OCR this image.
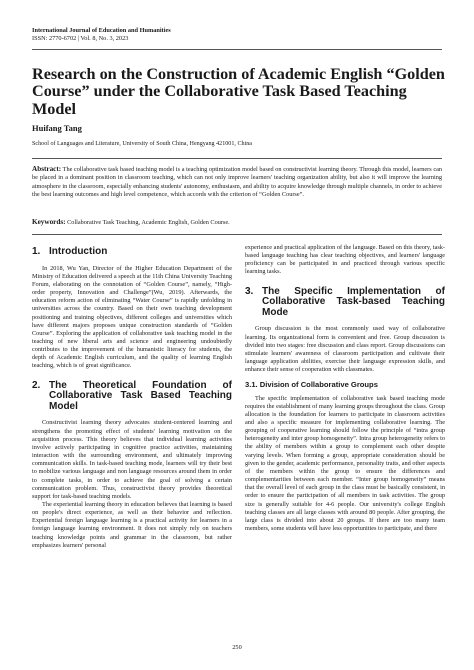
International Journal of Education and Humanities
ISSN: 2770-6702 | Vol. 8, No. 3, 2023
Research on the Construction of Academic English “Golden Course” under the Collaborative Task Based Teaching Model
Huifang Tang
School of Languages and Literature, University of South China, Hengyang 421001, China
Abstract: The collaborative task based teaching model is a teaching optimization model based on constructivist learning theory. Through this model, learners can be placed in a dominant position in classroom teaching, which can not only improve learners' teaching organization ability, but also it will improve the learning atmosphere in the classroom, especially enhancing students' autonomy, enthusiasm, and ability to acquire knowledge through multiple channels, in order to achieve the best learning outcomes and high level competence, which accords with the criterion of “Golden Course”.
Keywords: Collaborative Task Teaching, Academic English, Golden Course.
1. Introduction

In 2018, Wu Yan, Director of the Higher Education Department of the Ministry of Education delivered a speech at the 11th China University Teaching Forum, elaborating on the connotation of “Golden Course”, namely, “High-order property, Innovation and Challenge”(Wu, 2019). Afterwards, the education reform action of eliminating “Water Course” is rapidly unfolding in universities across the country. Based on their own teaching development positioning and training objectives, different colleges and universities which have different majors proposes unique construction standards of “Golden Course”. Exploring the application of collaborative task teaching model in the teaching of new liberal arts and science and engineering undoubtedly contributes to the improvement of the humanistic literacy for students, the depth of Academic English curriculum, and the quality of learning English teaching, which is of great significance.

2. The Theoretical Foundation of Collaborative Task Based Teaching Model

Constructivist learning theory advocates student-centered learning and strengthens the promoting effect of students' learning motivation on the acquisition process. This theory believes that individual learning activities involve actively participating in cognitive practice activities, maintaining interaction with the surrounding environment, and ultimately improving communication skills. In task-based teaching mode, learners will try their best to mobilize various language and non language resources around them in order to complete tasks, in order to achieve the goal of solving a certain communication problem. Thus, constructivist theory provides theoretical support for task-based teaching models.

The experiential learning theory in education believes that learning is based on people's direct experience, as well as their behavior and reflection. Experiential foreign language learning is a practical activity for learners in a foreign language learning environment. It does not simply rely on teachers teaching knowledge points and grammar in the classroom, but rather emphasizes learners' personal

experience and practical application of the language. Based on this theory, task-based language teaching has clear teaching objectives, and learners' language proficiency can be participated in and practiced through various specific learning tasks.

3. The Specific Implementation of Collaborative Task-based Teaching Mode

Group discussion is the most commonly used way of collaborative learning. Its organizational form is convenient and free. Group discussion is divided into two stages: free discussion and class report. Group discussions can stimulate learners' awareness of classroom participation and cultivate their language application abilities, exercise their language expression skills, and enhance their sense of cooperation with classmates.

3.1. Division of Collaborative Groups

The specific implementation of collaborative task based teaching mode requires the establishment of many learning groups throughout the class. Group allocation is the foundation for learners to participate in classroom activities and also a specific measure for implementing collaborative learning. The grouping of cooperative learning should follow the principle of “intra group heterogeneity and inter group homogeneity”. Intra group heterogeneity refers to the ability of members within a group to complement each other despite varying levels. When forming a group, appropriate consideration should be given to the gender, academic performance, personality traits, and other aspects of the members within the group to ensure the differences and complementarities between each member. “Inter group homogeneity” means that the overall level of each group in the class must be basically consistent, in order to ensure the participation of all members in task activities. The group size is generally suitable for 4-6 people. Our university's college English teaching classes are all large classes with around 80 people. After grouping, the large class is divided into about 20 groups. If there are too many team members, some students will have less opportunities to participate, and there

250
